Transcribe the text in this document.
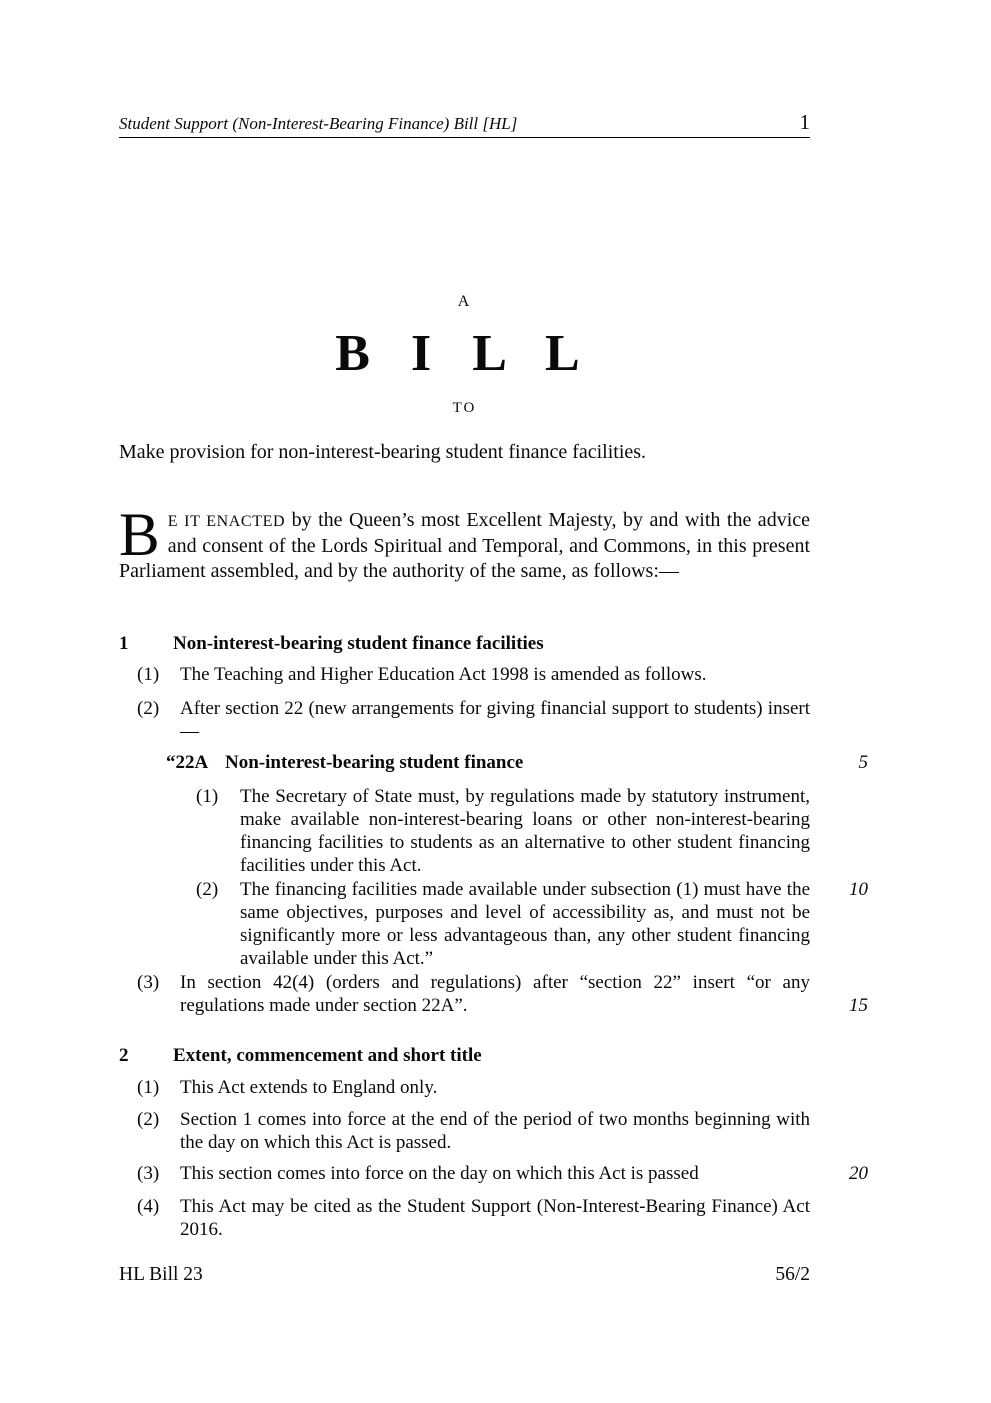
Student Support (Non-Interest-Bearing Finance) Bill [HL]	1
A
B I L L
TO
Make provision for non-interest-bearing student finance facilities.
B E IT ENACTED by the Queen’s most Excellent Majesty, by and with the advice and consent of the Lords Spiritual and Temporal, and Commons, in this present Parliament assembled, and by the authority of the same, as follows:—
1 Non-interest-bearing student finance facilities
(1) The Teaching and Higher Education Act 1998 is amended as follows.
(2) After section 22 (new arrangements for giving financial support to students) insert—
“22A Non-interest-bearing student finance
(1) The Secretary of State must, by regulations made by statutory instrument, make available non-interest-bearing loans or other non-interest-bearing financing facilities to students as an alternative to other student financing facilities under this Act.
(2) The financing facilities made available under subsection (1) must have the same objectives, purposes and level of accessibility as, and must not be significantly more or less advantageous than, any other student financing available under this Act.”
(3) In section 42(4) (orders and regulations) after “section 22” insert “or any regulations made under section 22A”.
2 Extent, commencement and short title
(1) This Act extends to England only.
(2) Section 1 comes into force at the end of the period of two months beginning with the day on which this Act is passed.
(3) This section comes into force on the day on which this Act is passed
(4) This Act may be cited as the Student Support (Non-Interest-Bearing Finance) Act 2016.
5
10
15
20
HL Bill 23	56/2
